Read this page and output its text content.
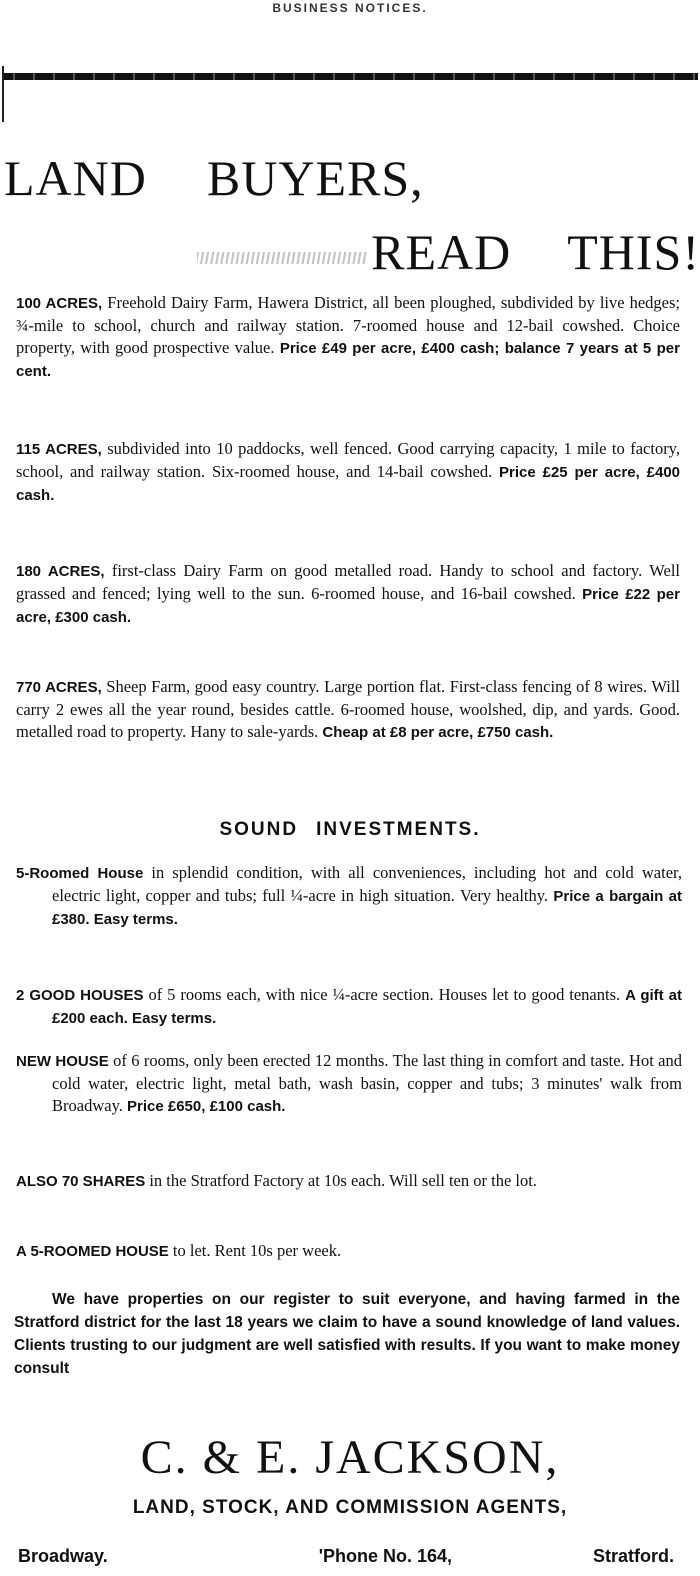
BUSINESS NOTICES.
LAND BUYERS,
READ THIS!
100 ACRES, Freehold Dairy Farm, Hawera District, all been ploughed, subdivided by live hedges; ¾-mile to school, church and railway station. 7-roomed house and 12-bail cowshed. Choice property, with good prospective value. Price £49 per acre, £400 cash; balance 7 years at 5 per cent.
115 ACRES, subdivided into 10 paddocks, well fenced. Good carrying capacity, 1 mile to factory, school, and railway station. Six-roomed house, and 14-bail cowshed. Price £25 per acre, £400 cash.
180 ACRES, first-class Dairy Farm on good metalled road. Handy to school and factory. Well grassed and fenced; lying well to the sun. 6-roomed house, and 16-bail cowshed. Price £22 per acre, £300 cash.
770 ACRES, Sheep Farm, good easy country. Large portion flat. First-class fencing of 8 wires. Will carry 2 ewes all the year round, besides cattle. 6-roomed house, woolshed, dip, and yards. Good. metalled road to property. Hany to sale-yards. Cheap at £8 per acre, £750 cash.
SOUND INVESTMENTS.
5-Roomed House in splendid condition, with all conveniences, including hot and cold water, electric light, copper and tubs; full ¼-acre in high situation. Very healthy. Price a bargain at £380. Easy terms.
2 GOOD HOUSES of 5 rooms each, with nice ¼-acre section. Houses let to good tenants. A gift at £200 each. Easy terms.
NEW HOUSE of 6 rooms, only been erected 12 months. The last thing in comfort and taste. Hot and cold water, electric light, metal bath, wash basin, copper and tubs; 3 minutes' walk from Broadway. Price £650, £100 cash.
ALSO 70 SHARES in the Stratford Factory at 10s each. Will sell ten or the lot.
A 5-ROOMED HOUSE to let. Rent 10s per week.
We have properties on our register to suit everyone, and having farmed in the Stratford district for the last 18 years we claim to have a sound knowledge of land values. Clients trusting to our judgment are well satisfied with results. If you want to make money consult
C. & E. JACKSON,
LAND, STOCK, AND COMMISSION AGENTS,
Broadway.	'Phone No. 164,	Stratford.
